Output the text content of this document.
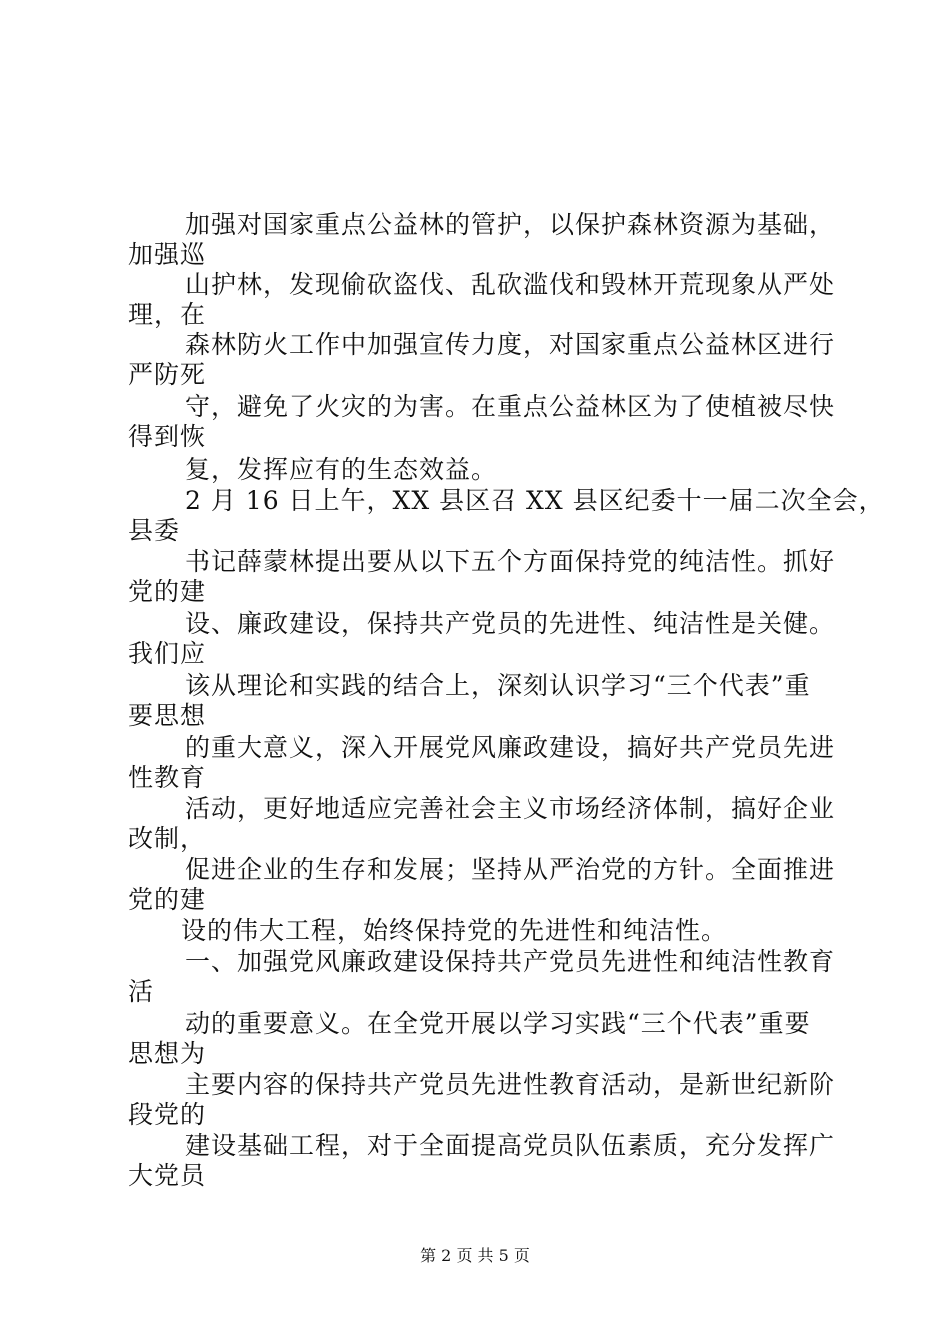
加强对国家重点公益林的管护，以保护森林资源为基础，
加强巡
山护林，发现偷砍盗伐、乱砍滥伐和毁林开荒现象从严处
理，在
森林防火工作中加强宣传力度，对国家重点公益林区进行
严防死
守，避免了火灾的为害。在重点公益林区为了使植被尽快
得到恢
复，发挥应有的生态效益。
2 月 16 日上午，XX 县区召 XX 县区纪委十一届二次全会，
县委
书记薛蒙林提出要从以下五个方面保持党的纯洁性。抓好
党的建
设、廉政建设，保持共产党员的先进性、纯洁性是关健。
我们应
该从理论和实践的结合上，深刻认识学习“三个代表”重
要思想
的重大意义，深入开展党风廉政建设，搞好共产党员先进
性教育
活动，更好地适应完善社会主义市场经济体制，搞好企业
改制，
促进企业的生存和发展；坚持从严治党的方针。全面推进
党的建
设的伟大工程，始终保持党的先进性和纯洁性。
一、加强党风廉政建设保持共产党员先进性和纯洁性教育
活
动的重要意义。在全党开展以学习实践“三个代表”重要
思想为
主要内容的保持共产党员先进性教育活动，是新世纪新阶
段党的
建设基础工程，对于全面提高党员队伍素质，充分发挥广
大党员
第 2 页 共 5 页
